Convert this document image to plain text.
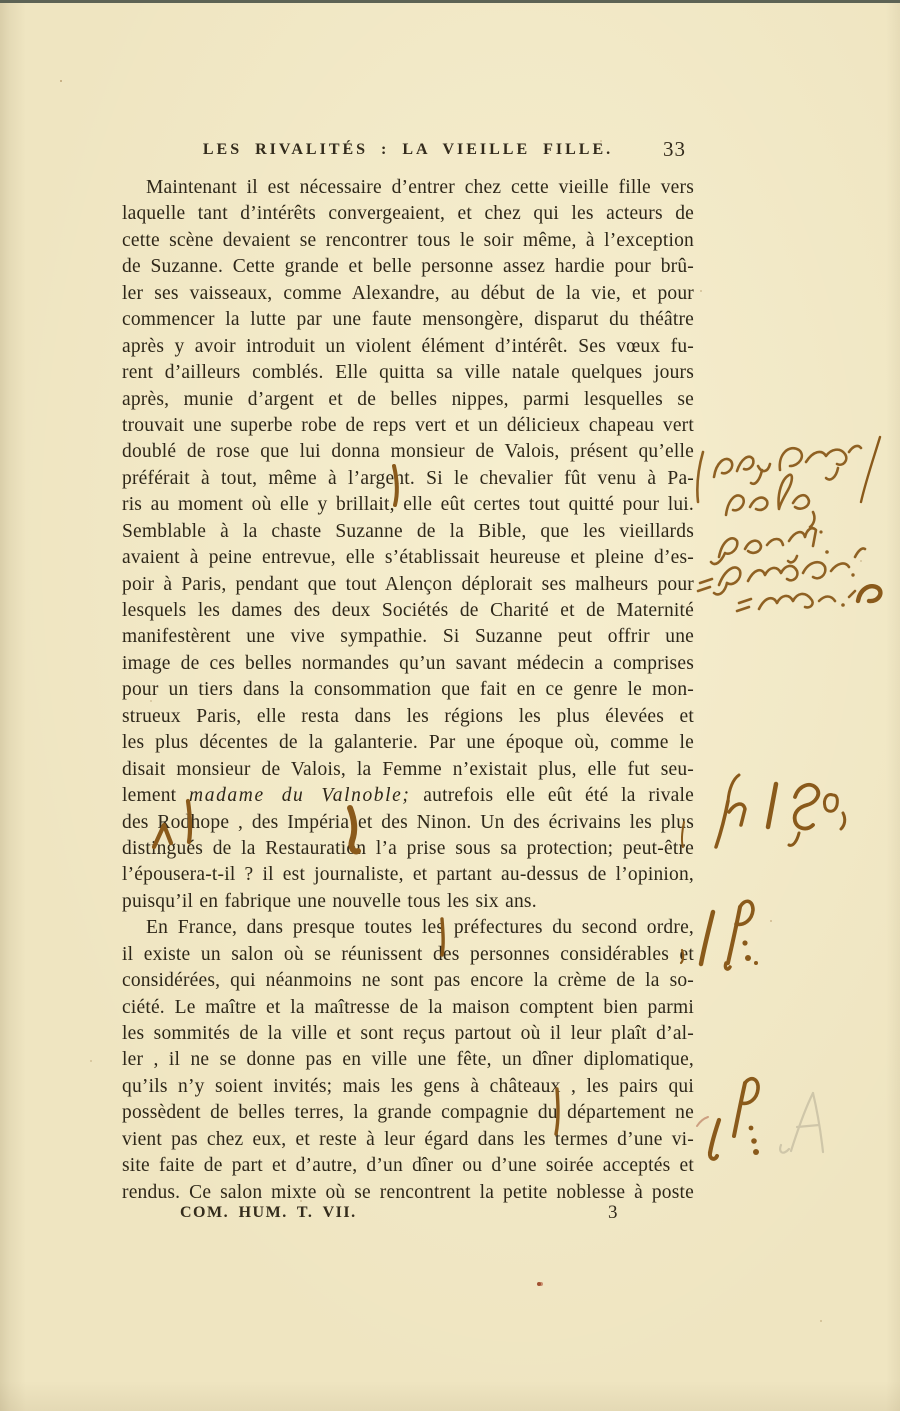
LES RIVALITÉS : LA VIEILLE FILLE.	33
Maintenant il est nécessaire d’entrer chez cette vieille fille vers
laquelle tant d’intérêts convergeaient, et chez qui les acteurs de
cette scène devaient se rencontrer tous le soir même, à l’exception
de Suzanne. Cette grande et belle personne assez hardie pour brû-
ler ses vaisseaux, comme Alexandre, au début de la vie, et pour
commencer la lutte par une faute mensongère, disparut du théâtre
après y avoir introduit un violent élément d’intérêt. Ses vœux fu-
rent d’ailleurs comblés. Elle quitta sa ville natale quelques jours
après, munie d’argent et de belles nippes, parmi lesquelles se
trouvait une superbe robe de reps vert et un délicieux chapeau vert
doublé de rose que lui donna monsieur de Valois, présent qu’elle
préférait à tout, même à l’argent. Si le chevalier fût venu à Pa-
ris au moment où elle y brillait, elle eût certes tout quitté pour lui.
Semblable à la chaste Suzanne de la Bible, que les vieillards
avaient à peine entrevue, elle s’établissait heureuse et pleine d’es-
poir à Paris, pendant que tout Alençon déplorait ses malheurs pour
lesquels les dames des deux Sociétés de Charité et de Maternité
manifestèrent une vive sympathie. Si Suzanne peut offrir une
image de ces belles normandes qu’un savant médecin a comprises
pour un tiers dans la consommation que fait en ce genre le mon-
strueux Paris, elle resta dans les régions les plus élevées et
les plus décentes de la galanterie. Par une époque où, comme le
disait monsieur de Valois, la Femme n’existait plus, elle fut seu-
lement madame du Valnoble; autrefois elle eût été la rivale
des Rodhope , des Impéria et des Ninon. Un des écrivains les plus
distingués de la Restauration l’a prise sous sa protection; peut-être
l’épousera-t-il ? il est journaliste, et partant au-dessus de l’opinion,
puisqu’il en fabrique une nouvelle tous les six ans.
En France, dans presque toutes les préfectures du second ordre,
il existe un salon où se réunissent des personnes considérables et
considérées, qui néanmoins ne sont pas encore la crème de la so-
ciété. Le maître et la maîtresse de la maison comptent bien parmi
les sommités de la ville et sont reçus partout où il leur plaît d’al-
ler , il ne se donne pas en ville une fête, un dîner diplomatique,
qu’ils n’y soient invités; mais les gens à châteaux , les pairs qui
possèdent de belles terres, la grande compagnie du département ne
vient pas chez eux, et reste à leur égard dans les termes d’une vi-
site faite de part et d’autre, d’un dîner ou d’une soirée acceptés et
rendus. Ce salon mixte où se rencontrent la petite noblesse à poste
COM. HUM. T. VII.	3
